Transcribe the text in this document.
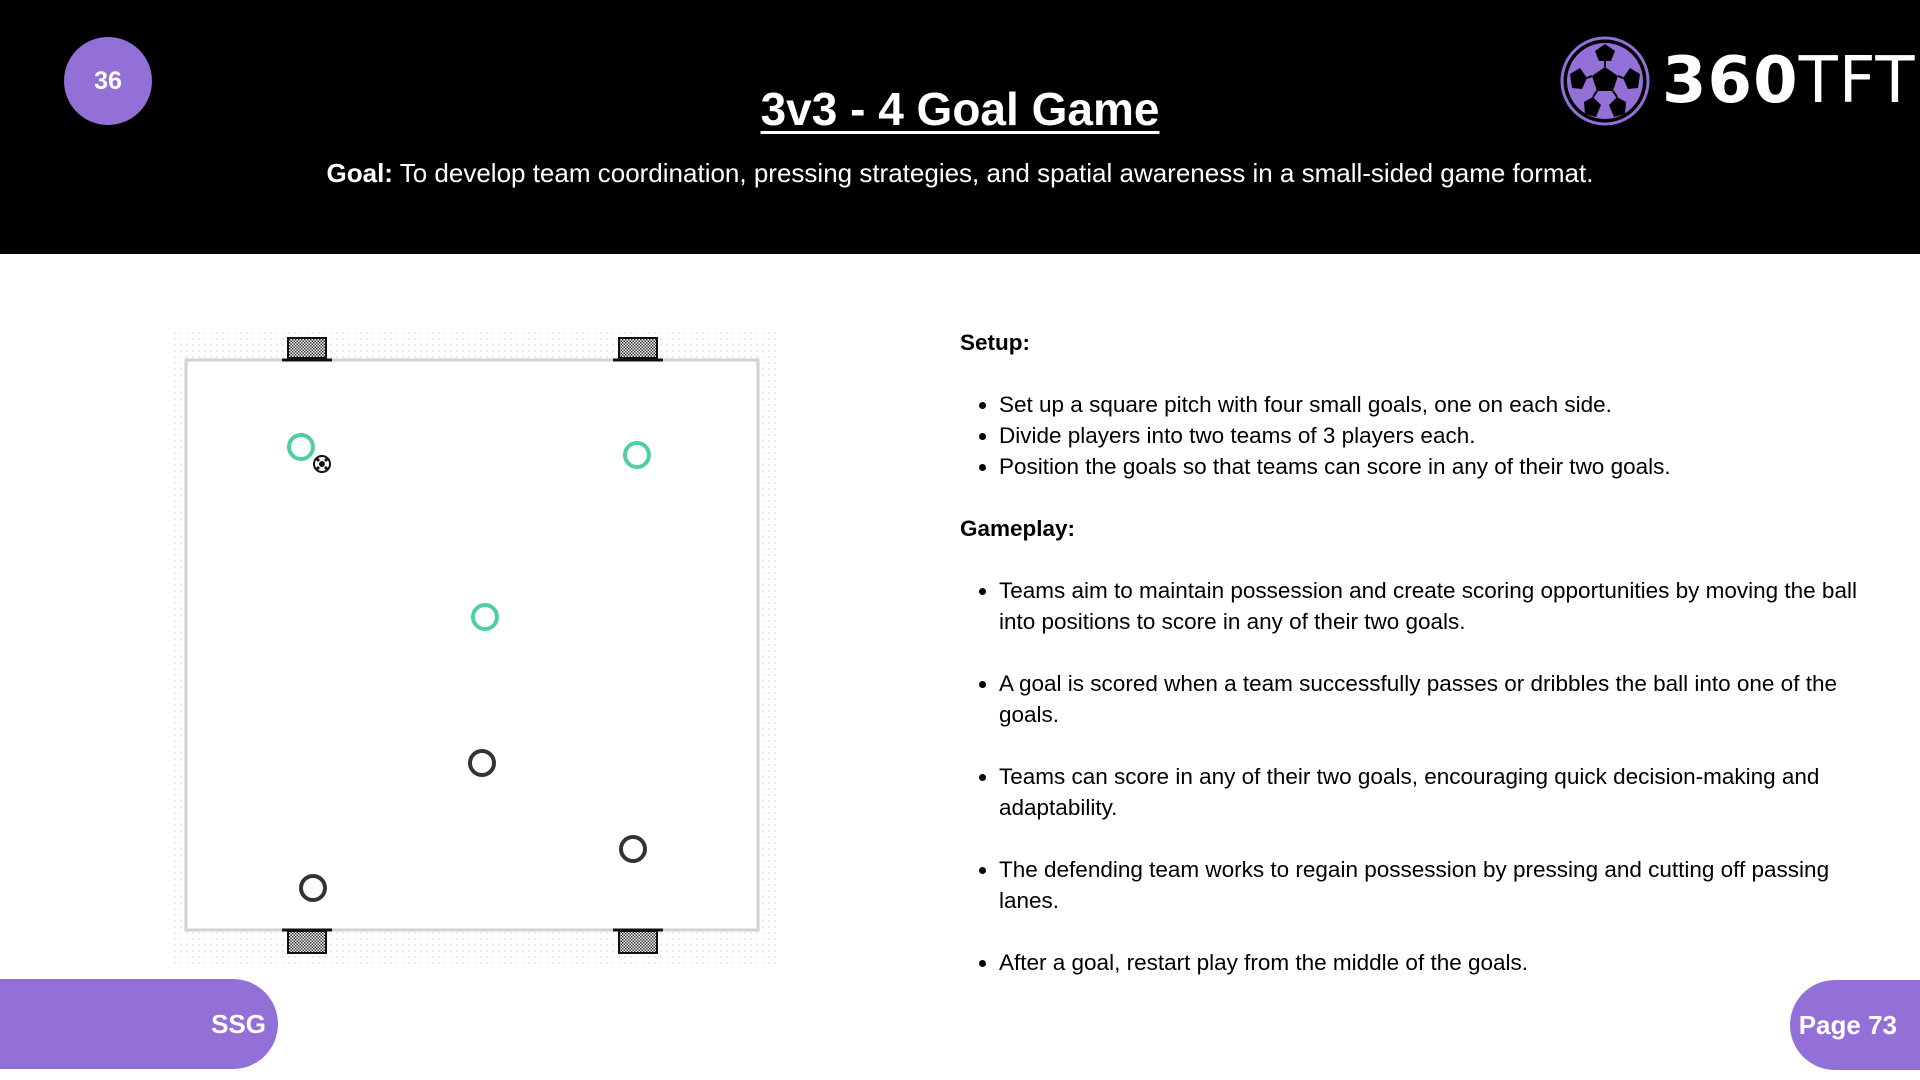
36
3v3 - 4 Goal Game
Goal: To develop team coordination, pressing strategies, and spatial awareness in a small-sided game format.
360TFT
Setup:
• Set up a square pitch with four small goals, one on each side.
• Divide players into two teams of 3 players each.
• Position the goals so that teams can score in any of their two goals.
Gameplay:
• Teams aim to maintain possession and create scoring opportunities by moving the ball into positions to score in any of their two goals.
• A goal is scored when a team successfully passes or dribbles the ball into one of the goals.
• Teams can score in any of their two goals, encouraging quick decision-making and adaptability.
• The defending team works to regain possession by pressing and cutting off passing lanes.
• After a goal, restart play from the middle of the goals.
SSG	Page 73
